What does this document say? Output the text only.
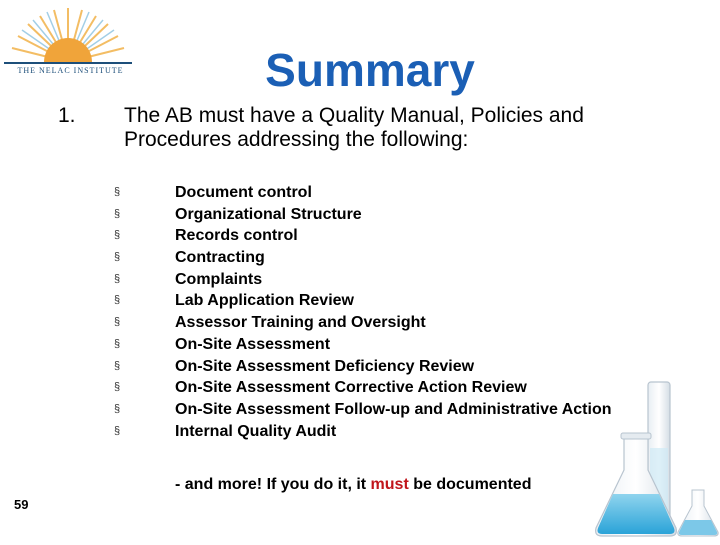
THE NELAC INSTITUTE	Summary
1. The AB must have a Quality Manual, Policies and Procedures addressing the following:
§	Document control
§	Organizational Structure
§	Records control
§	Contracting
§	Complaints
§	Lab Application Review
§	Assessor Training and Oversight
§	On-Site Assessment
§	On-Site Assessment Deficiency Review
§	On-Site Assessment Corrective Action Review
§	On-Site Assessment Follow-up and Administrative Action
§	Internal Quality Audit
- and more! If you do it, it must be documented
59
